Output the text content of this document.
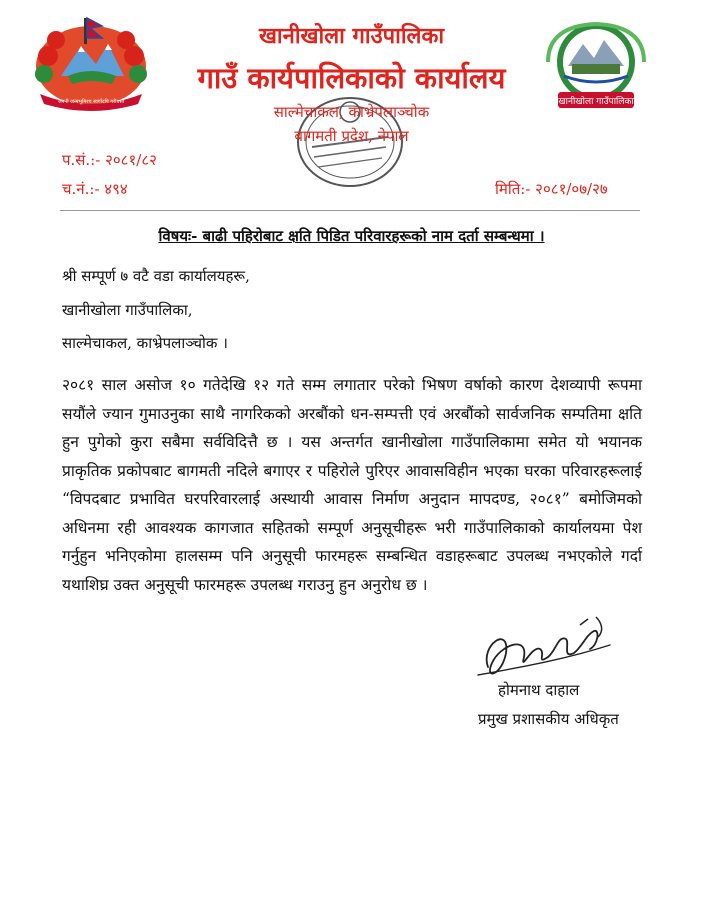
जननी जन्मभूमिश्च स्वर्गादपि गरीयसी	खानीखोला गाउँपालिका
खानीखोला गाउँपालिका
गाउँ कार्यपालिकाको कार्यालय
साल्मेचाकल, काभ्रेपलाञ्चोक
बागमती प्रदेश, नेपाल
प.सं.:- २०८१/८२
च.नं.:- ४९४	मिति:- २०८१/०७/२७
विषयः- बाढी पहिरोबाट क्षति पिडित परिवारहरूको नाम दर्ता सम्बन्धमा ।
श्री सम्पूर्ण ७ वटै वडा कार्यालयहरू,
खानीखोला गाउँपालिका,
साल्मेचाकल, काभ्रेपलाञ्चोक ।
२०८१ साल असोज १० गतेदेखि १२ गते सम्म लगातार परेको भिषण वर्षाको कारण देशव्यापी रूपमा सयौंले ज्यान गुमाउनुका साथै नागरिकको अरबौंको धन-सम्पत्ती एवं अरबौंको सार्वजनिक सम्पतिमा क्षति हुन पुगेको कुरा सबैमा सर्वविदित्तै छ । यस अन्तर्गत खानीखोला गाउँपालिकामा समेत यो भयानक प्राकृतिक प्रकोपबाट बागमती नदिले बगाएर र पहिरोले पुरिएर आवासविहीन भएका घरका परिवारहरूलाई “विपदबाट प्रभावित घरपरिवारलाई अस्थायी आवास निर्माण अनुदान मापदण्ड, २०८१” बमोजिमको अधिनमा रही आवश्यक कागजात सहितको सम्पूर्ण अनुसूचीहरू भरी गाउँपालिकाको कार्यालयमा पेश गर्नुहुन भनिएकोमा हालसम्म पनि अनुसूची फारमहरू सम्बन्धित वडाहरूबाट उपलब्ध नभएकोले गर्दा यथाशिघ्र उक्त अनुसूची फारमहरू उपलब्ध गराउनु हुन अनुरोध छ ।
होमनाथ दाहाल
प्रमुख प्रशासकीय अधिकृत
